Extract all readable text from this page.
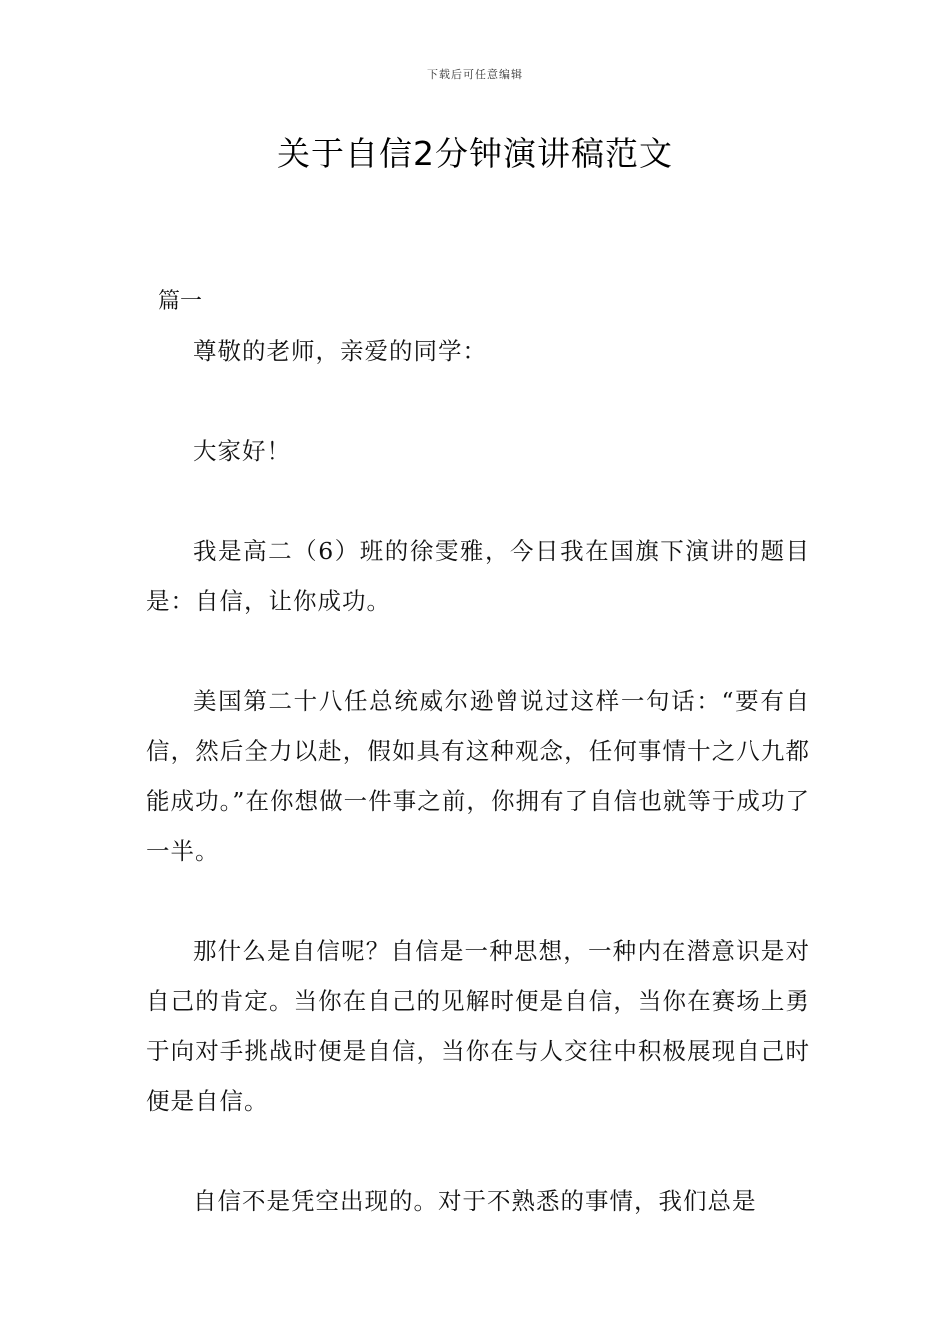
下载后可任意编辑
关于自信2分钟演讲稿范文
篇一

尊敬的老师，亲爱的同学：

大家好！

我是高二（6）班的徐雯雅，今日我在国旗下演讲的题目是：自信，让你成功。

美国第二十八任总统威尔逊曾说过这样一句话：“要有自信，然后全力以赴，假如具有这种观念，任何事情十之八九都能成功。”在你想做一件事之前，你拥有了自信也就等于成功了一半。

那什么是自信呢？自信是一种思想，一种内在潜意识是对自己的肯定。当你在自己的见解时便是自信，当你在赛场上勇于向对手挑战时便是自信，当你在与人交往中积极展现自己时便是自信。

自信不是凭空出现的。对于不熟悉的事情，我们总是
